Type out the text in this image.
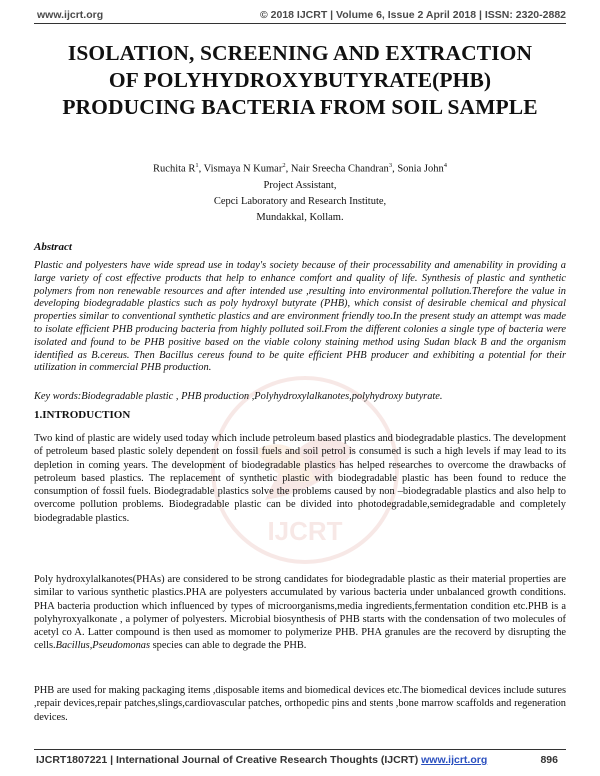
www.ijcrt.org	© 2018 IJCRT | Volume 6, Issue 2 April 2018 | ISSN: 2320-2882
IJCRT
ISOLATION, SCREENING AND EXTRACTION
OF POLYHYDROXYBUTYRATE(PHB)
PRODUCING BACTERIA FROM SOIL SAMPLE
Ruchita $R^1$, Vismaya N Kumar$^2$, Nair Sreecha Chandran$^3$, Sonia John$^4$
Project Assistant,
Cepci Laboratory and Research Institute,
Mundakkal, Kollam.
Abstract
Plastic and polyesters have wide spread use in today's society because of their processability and amenability in providing a large variety of cost effective products that help to enhance comfort and quality of life. Synthesis of plastic and synthetic polymers from non renewable resources and after intended use ,resulting into environmental pollution.Therefore the value in developing biodegradable plastics such as poly hydroxyl butyrate (PHB), which consist of desirable chemical and physical properties similar to conventional synthetic plastics and are environment friendly too.In the present study an attempt was made to isolate efficient PHB producing bacteria from highly polluted soil.From the different colonies a single type of bacteria were isolated and found to be PHB positive based on the viable colony staining method using Sudan black B and the organism identified as B.cereus. Then Bacillus cereus found to be quite efficient PHB producer and exhibiting a potential for their utilization in commercial PHB production.
Key words:Biodegradable plastic , PHB production ,Polyhydroxylalkanotes,polyhydroxy butyrate.
1.INTRODUCTION
Two kind of plastic are widely used today which include petroleum based plastics and biodegradable plastics. The development of petroleum based plastic solely dependent on fossil fuels and soil petrol is consumed is such a high levels if may lead to its depletion in coming years. The development of biodegradable plastics has helped researches to overcome the drawbacks of petroleum based plastics. The replacement of synthetic plastic with biodegradable plastic has been found to reduce the consumption of fossil fuels. Biodegradable plastics solve the problems caused by non –biodegradable plastics and also help to overcome pollution problems. Biodegradable plastic can be divided into photodegradable,semidegradable and completely biodegradable plastics.
Poly hydroxylalkanotes(PHAs) are considered to be strong candidates for biodegradable plastic as their material properties are similar to various synthetic plastics.PHA are polyesters accumulated by various bacteria under unbalanced growth conditions. PHA bacteria production which influenced by types of microorganisms,media ingredients,fermentation condition etc.PHB is a polyhyroxyalkonate , a polymer of polyesters. Microbial biosynthesis of PHB starts with the condensation of two molecules of acetyl co A. Latter compound is then used as momomer to polymerize PHB. PHA granules are the recoverd by disrupting the cells.Bacillus,Pseudomonas species can able to degrade the PHB.
PHB are used for making packaging items ,disposable items and biomedical devices etc.The biomedical devices include sutures ,repair devices,repair patches,slings,cardiovascular patches, orthopedic pins and stents ,bone marrow scaffolds and regeneration devices.
IJCRT1807221 | International Journal of Creative Research Thoughts (IJCRT) www.ijcrt.org	896
